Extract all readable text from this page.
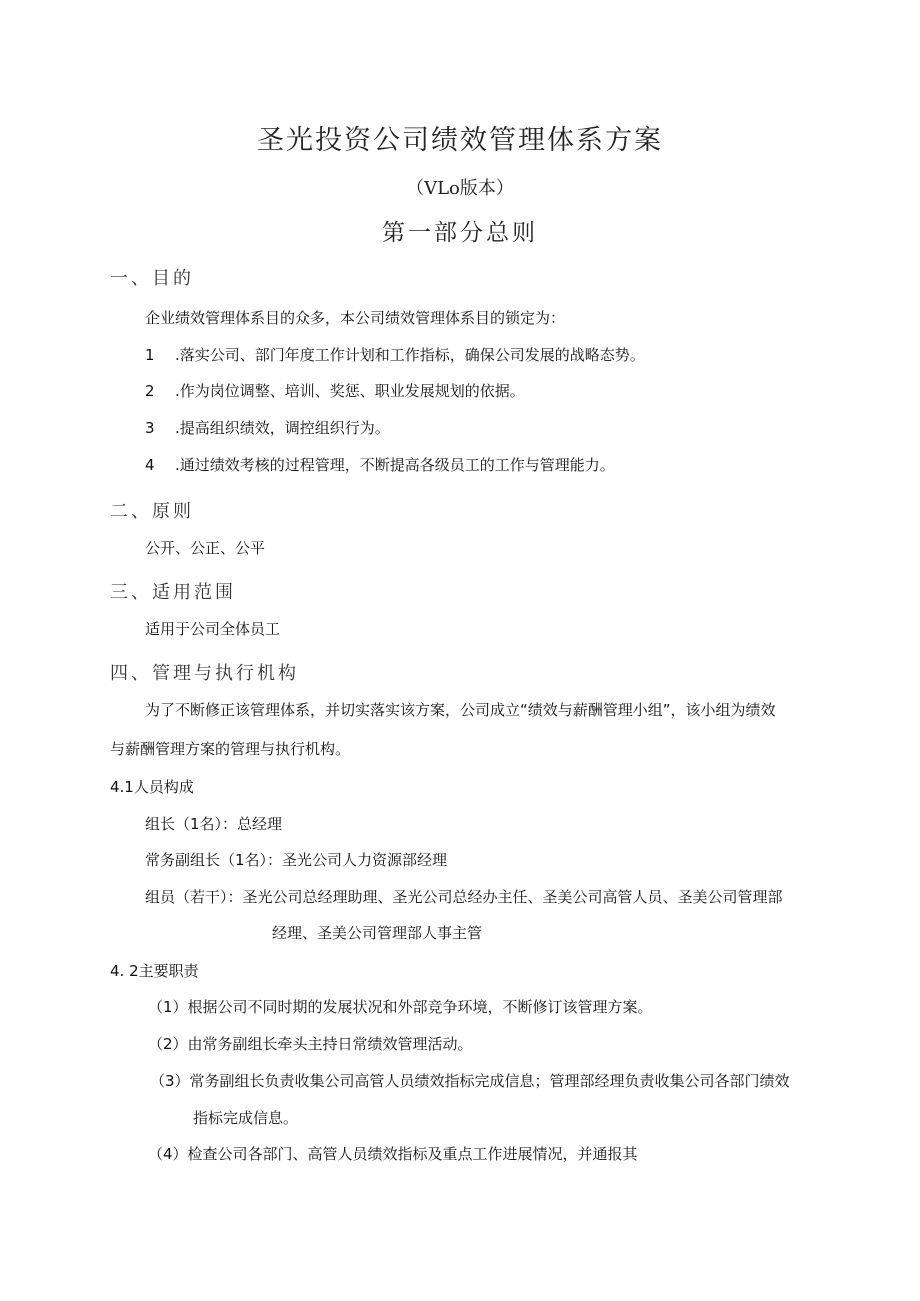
圣光投资公司绩效管理体系方案
（VLo版本）
第一部分总则
一、目的
企业绩效管理体系目的众多，本公司绩效管理体系目的锁定为：
1 .落实公司、部门年度工作计划和工作指标，确保公司发展的战略态势。
2 .作为岗位调整、培训、奖惩、职业发展规划的依据。
3 .提高组织绩效，调控组织行为。
4 .通过绩效考核的过程管理，不断提高各级员工的工作与管理能力。
二、原则
公开、公正、公平
三、适用范围
适用于公司全体员工
四、管理与执行机构
为了不断修正该管理体系，并切实落实该方案，公司成立“绩效与薪酬管理小组”，该小组为绩效
与薪酬管理方案的管理与执行机构。
4.1人员构成
组长（1名）：总经理
常务副组长（1名）：圣光公司人力资源部经理
组员（若干）：圣光公司总经理助理、圣光公司总经办主任、圣美公司高管人员、圣美公司管理部
经理、圣美公司管理部人事主管
4. 2主要职责
（1）根据公司不同时期的发展状况和外部竞争环境，不断修订该管理方案。
（2）由常务副组长牵头主持日常绩效管理活动。
（3）常务副组长负责收集公司高管人员绩效指标完成信息；管理部经理负责收集公司各部门绩效
指标完成信息。
（4）检查公司各部门、高管人员绩效指标及重点工作进展情况，并通报其
